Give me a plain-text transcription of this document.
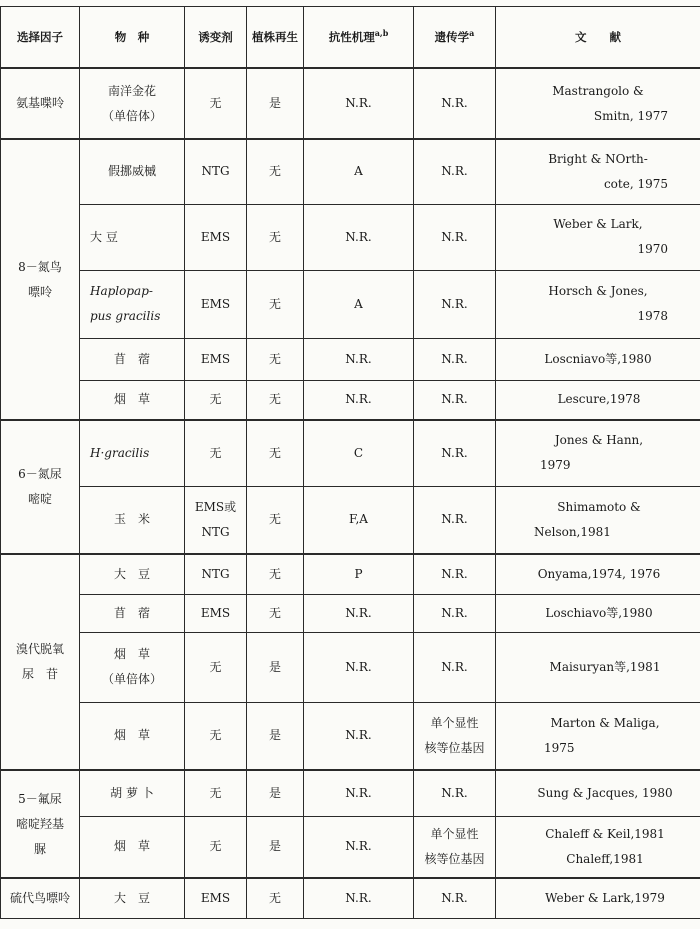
选择因子	物　种	诱变剂	植株再生	抗性机理$^{a,b}$	遗传学$^a$	文　　献

氨基喋呤	南洋金花
（单倍体）	无	是	N.R.	N.R.	Mastrangolo &
Smitn, 1977

8－氮鸟
嘌呤	假挪威槭	NTG	无	A	N.R.	Bright & NOrth-
cote, 1975

	大 豆	EMS	无	N.R.	N.R.	Weber & Lark,
1970

	Haplopap-
pus gracilis	EMS	无	A	N.R.	Horsch & Jones,
1978

	苜　蓿	EMS	无	N.R.	N.R.	Loscniavo等,1980

	烟　草	无	无	N.R.	N.R.	Lescure,1978

6－氮尿
嘧啶	H·gracilis	无	无	C	N.R.	Jones & Hann,
1979

	玉　米	EMS或
NTG	无	F,A	N.R.	Shimamoto &
Nelson,1981

溴代脱氧
尿　苷	大　豆	NTG	无	P	N.R.	Onyama,1974, 1976

	苜　蓿	EMS	无	N.R.	N.R.	Loschiavo等,1980

	烟　草
（单倍体）	无	是	N.R.	N.R.	Maisuryan等,1981

	烟　草	无	是	N.R.	单个显性
核等位基因	Marton & Maliga,
1975

5－氟尿
嘧啶羟基
脲	胡 萝 卜	无	是	N.R.	N.R.	Sung & Jacques, 1980

	烟　草	无	是	N.R.	单个显性
核等位基因	Chaleff & Keil,1981
Chaleff,1981

硫代鸟嘌呤	大　豆	EMS	无	N.R.	N.R.	Weber & Lark,1979
